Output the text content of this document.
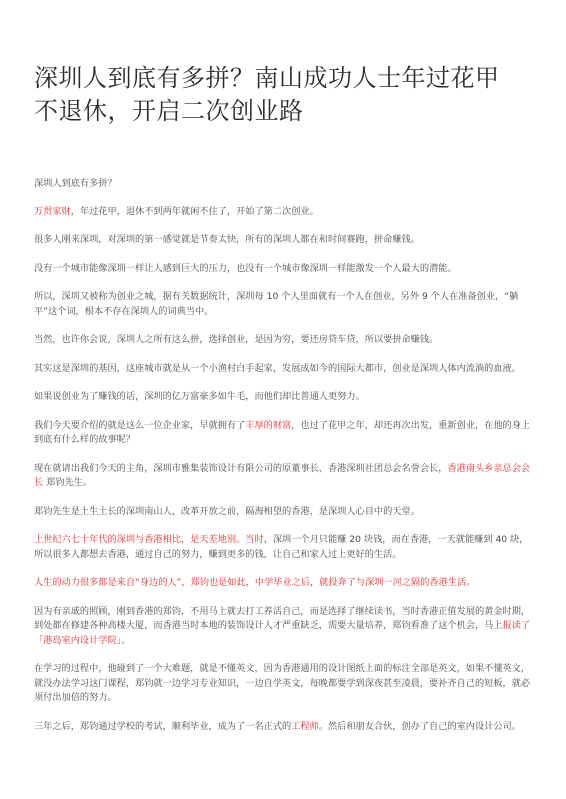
深圳人到底有多拼？南山成功人士年过花甲
不退休，开启二次创业路

深圳人到底有多拼？

万贯家财，年过花甲，退休不到两年就闲不住了，开始了第二次创业。

很多人刚来深圳，对深圳的第一感觉就是节奏太快，所有的深圳人都在和时间赛跑，拼命赚钱。

没有一个城市能像深圳一样让人感到巨大的压力，也没有一个城市像深圳一样能激发一个人最大的潜能。

所以，深圳又被称为创业之城，据有关数据统计，深圳每 10 个人里面就有一个人在创业，另外 9 个人在准备创业，“躺平”这个词，根本不存在深圳人的词典当中。

当然，也许你会说，深圳人之所有这么拼，选择创业，是因为穷，要还房贷车贷，所以要拼命赚钱。

其实这是深圳的基因，这座城市就是从一个小渔村白手起家，发展成如今的国际大都市，创业是深圳人体内流淌的血液。

如果说创业为了赚钱的话，深圳的亿万富豪多如牛毛，而他们却比普通人更努力。

我们今天要介绍的就是这么一位企业家，早就拥有了丰厚的财富，也过了花甲之年，却还再次出发，重新创业，在他的身上到底有什么样的故事呢？

现在就请出我们今天的主角，深圳市雅集装饰设计有限公司的原董事长，香港深圳社团总会名誉会长，香港南头乡亲总会会长 郑钧先生。

郑钧先生是土生土长的深圳南山人，改革开放之前，隔海相望的香港，是深圳人心目中的天堂。

上世纪六七十年代的深圳与香港相比，是天差地别。当时，深圳一个月只能赚 20 块钱，而在香港，一天就能赚到 40 块，所以很多人都想去香港，通过自己的努力，赚到更多的钱，让自己和家人过上更好的生活。

人生的动力很多都是来自“身边的人”，郑钧也是如此，中学毕业之后，就投奔了与深圳一河之隔的香港生活。

因为有亲戚的照顾，刚到香港的郑钧，不用马上就去打工养活自己，而是选择了继续读书，当时香港正值发展的黄金时期，到处都在修建各种高楼大厦，而香港当时本地的装饰设计人才严重缺乏，需要大量培养，郑钧看准了这个机会，马上报读了「港岛室内设计学院」。

在学习的过程中，他碰到了一个大难题，就是不懂英文，因为香港通用的设计图纸上面的标注全部是英文，如果不懂英文，就没办法学习这门课程，郑钧就一边学习专业知识，一边自学英文，每晚都要学到深夜甚至凌晨，要补齐自己的短板，就必须付出加倍的努力。

三年之后，郑钧通过学校的考试，顺利毕业，成为了一名正式的工程师。然后和朋友合伙，创办了自己的室内设计公司。
